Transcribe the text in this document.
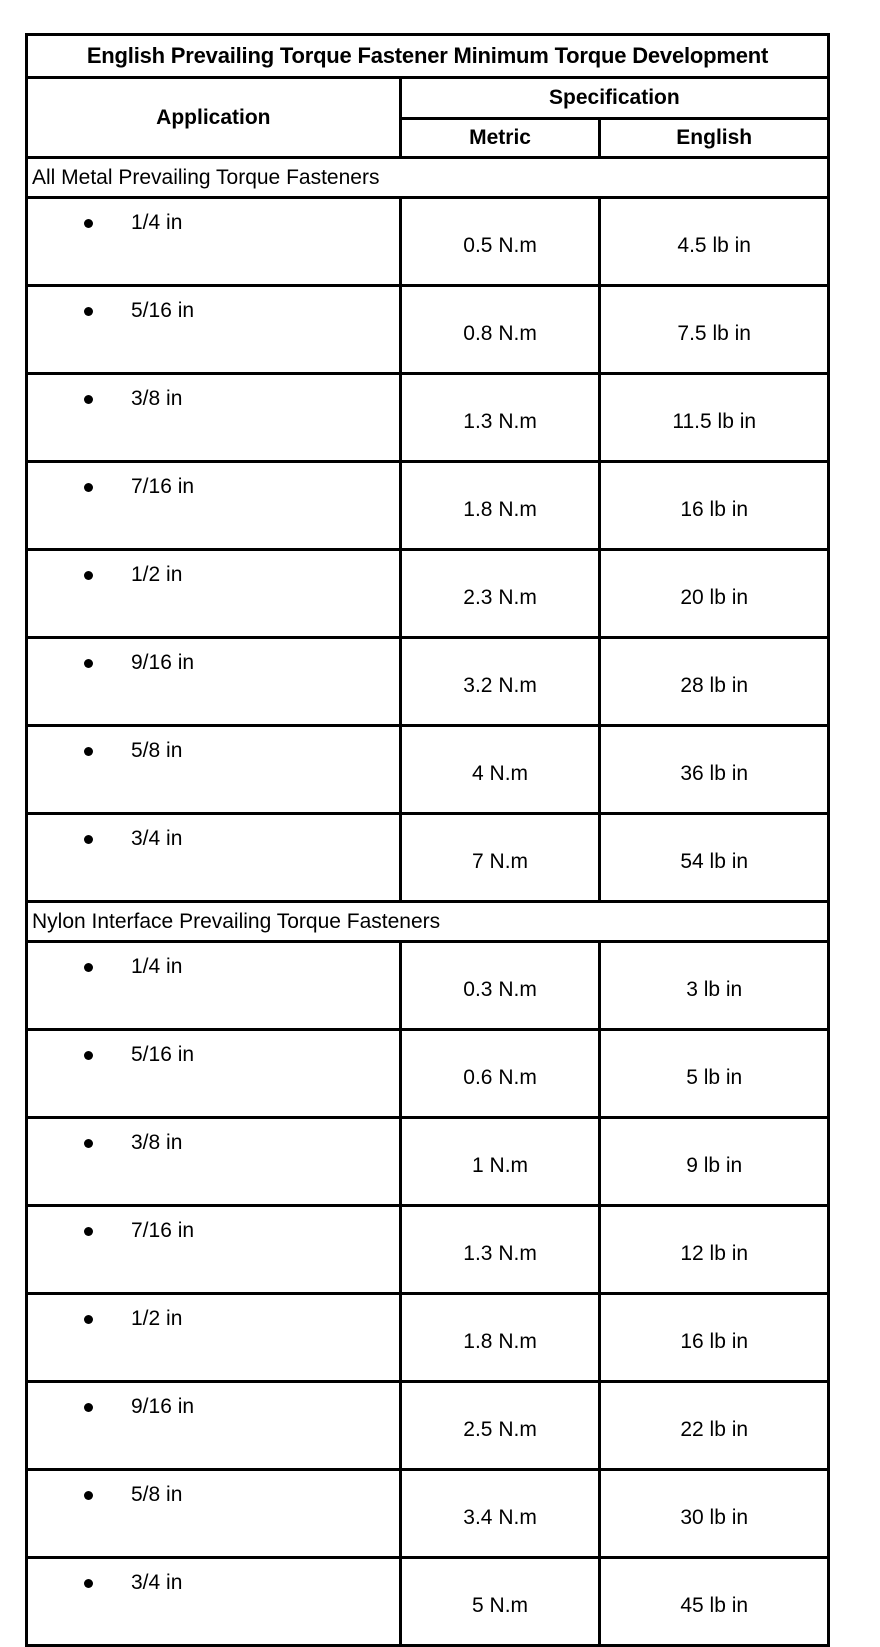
English Prevailing Torque Fastener Minimum Torque Development		
Application	Specification	
	Metric	English
All Metal Prevailing Torque Fasteners		

1/4 in	0.5 N.m	4.5 lb in

5/16 in	0.8 N.m	7.5 lb in

3/8 in	1.3 N.m	11.5 lb in

7/16 in	1.8 N.m	16 lb in

1/2 in	2.3 N.m	20 lb in

9/16 in	3.2 N.m	28 lb in

5/8 in	4 N.m	36 lb in

3/4 in	7 N.m	54 lb in
Nylon Interface Prevailing Torque Fasteners		

1/4 in	0.3 N.m	3 lb in

5/16 in	0.6 N.m	5 lb in

3/8 in	1 N.m	9 lb in

7/16 in	1.3 N.m	12 lb in

1/2 in	1.8 N.m	16 lb in

9/16 in	2.5 N.m	22 lb in

5/8 in	3.4 N.m	30 lb in

3/4 in	5 N.m	45 lb in
